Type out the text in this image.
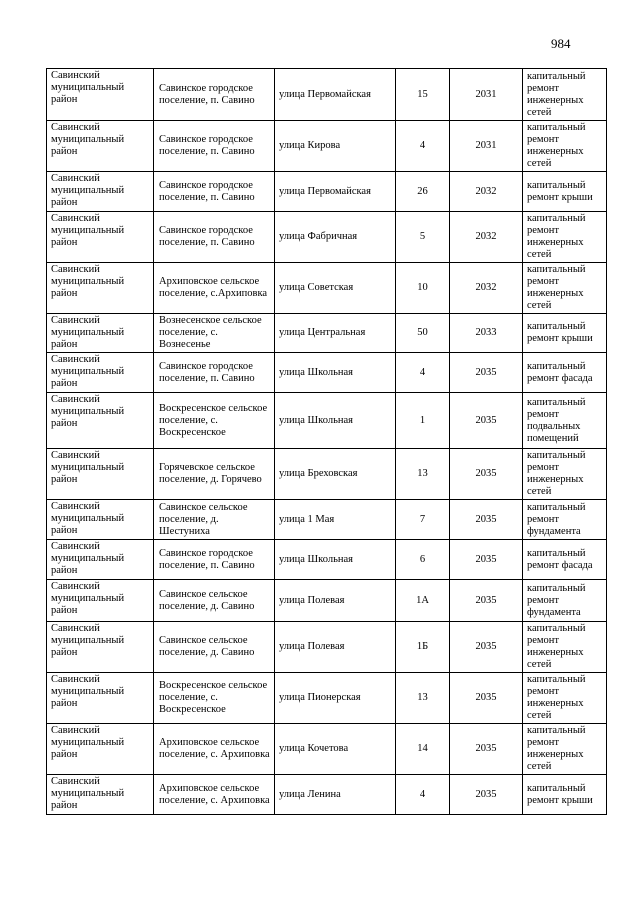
984
Савинский муниципальный район	Савинское городское поселение, п. Савино	улица Первомайская	15	2031	капитальный ремонт инженерных сетей
Савинский муниципальный район	Савинское городское поселение, п. Савино	улица Кирова	4	2031	капитальный ремонт инженерных сетей
Савинский муниципальный район	Савинское городское поселение, п. Савино	улица Первомайская	26	2032	капитальный ремонт крыши
Савинский муниципальный район	Савинское городское поселение, п. Савино	улица Фабричная	5	2032	капитальный ремонт инженерных сетей
Савинский муниципальный район	Архиповское сельское поселение, с.Архиповка	улица Советская	10	2032	капитальный ремонт инженерных сетей
Савинский муниципальный район	Вознесенское сельское поселение, с. Вознесенье	улица Центральная	50	2033	капитальный ремонт крыши
Савинский муниципальный район	Савинское городское поселение, п. Савино	улица Школьная	4	2035	капитальный ремонт фасада
Савинский муниципальный район	Воскресенское сельское поселение, с. Воскресенское	улица Школьная	1	2035	капитальный ремонт подвальных помещений
Савинский муниципальный район	Горячевское сельское поселение, д. Горячево	улица Бреховская	13	2035	капитальный ремонт инженерных сетей
Савинский муниципальный район	Савинское сельское поселение, д. Шестуниха	улица 1 Мая	7	2035	капитальный ремонт фундамента
Савинский муниципальный район	Савинское городское поселение, п. Савино	улица Школьная	6	2035	капитальный ремонт фасада
Савинский муниципальный район	Савинское сельское поселение, д. Савино	улица Полевая	1А	2035	капитальный ремонт фундамента
Савинский муниципальный район	Савинское сельское поселение, д. Савино	улица Полевая	1Б	2035	капитальный ремонт инженерных сетей
Савинский муниципальный район	Воскресенское сельское поселение, с. Воскресенское	улица Пионерская	13	2035	капитальный ремонт инженерных сетей
Савинский муниципальный район	Архиповское сельское поселение, с. Архиповка	улица Кочетова	14	2035	капитальный ремонт инженерных сетей
Савинский муниципальный район	Архиповское сельское поселение, с. Архиповка	улица Ленина	4	2035	капитальный ремонт крыши
